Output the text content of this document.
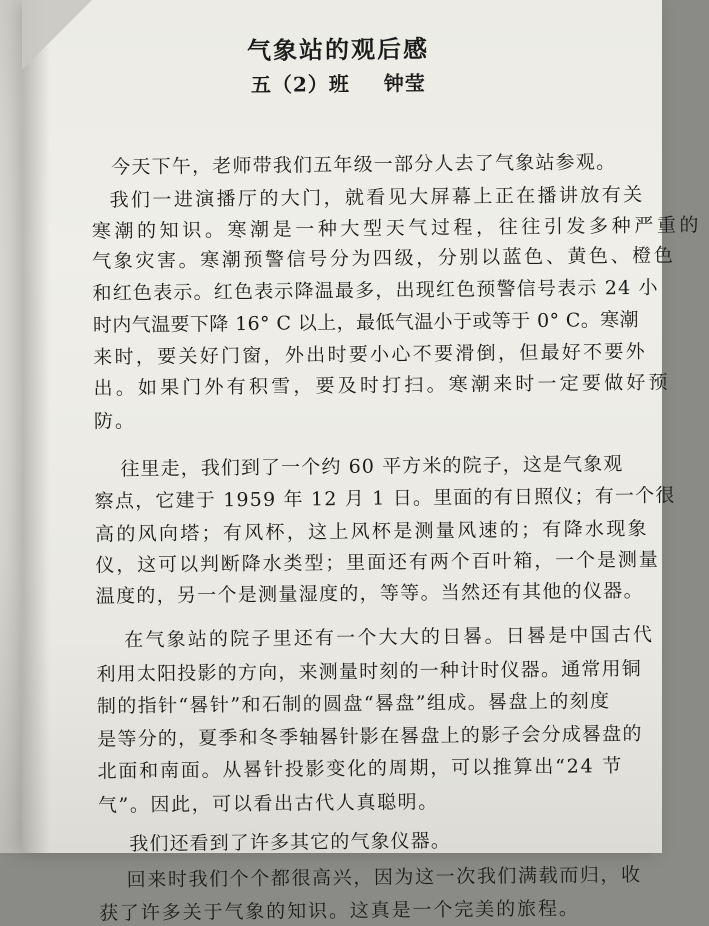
气象站的观后感
五（2）班 钟莹
今天下午，老师带我们五年级一部分人去了气象站参观。
我们一进演播厅的大门，就看见大屏幕上正在播讲放有关
寒潮的知识。寒潮是一种大型天气过程，往往引发多种严重的
气象灾害。寒潮预警信号分为四级，分别以蓝色、黄色、橙色
和红色表示。红色表示降温最多，出现红色预警信号表示 24 小
时内气温要下降 16° C 以上，最低气温小于或等于 0° C。寒潮
来时，要关好门窗，外出时要小心不要滑倒，但最好不要外
出。如果门外有积雪，要及时打扫。寒潮来时一定要做好预
防。
往里走，我们到了一个约 60 平方米的院子，这是气象观
察点，它建于 1959 年 12 月 1 日。里面的有日照仪；有一个很
高的风向塔；有风杯，这上风杯是测量风速的；有降水现象
仪，这可以判断降水类型；里面还有两个百叶箱，一个是测量
温度的，另一个是测量湿度的，等等。当然还有其他的仪器。
在气象站的院子里还有一个大大的日晷。日晷是中国古代
利用太阳投影的方向，来测量时刻的一种计时仪器。通常用铜
制的指针“晷针”和石制的圆盘“晷盘”组成。晷盘上的刻度
是等分的，夏季和冬季轴晷针影在晷盘上的影子会分成晷盘的
北面和南面。从晷针投影变化的周期，可以推算出“24 节
气”。因此，可以看出古代人真聪明。
我们还看到了许多其它的气象仪器。
回来时我们个个都很高兴，因为这一次我们满载而归，收
获了许多关于气象的知识。这真是一个完美的旅程。
